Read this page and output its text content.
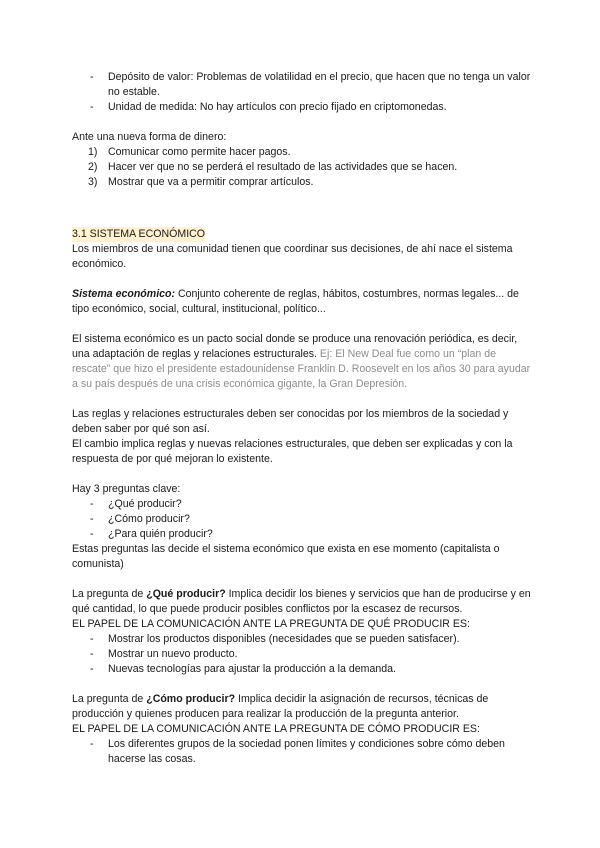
- Depósito de valor: Problemas de volatilidad en el precio, que hacen que no tenga un valor no estable.
- Unidad de medida: No hay artículos con precio fijado en criptomonedas.

Ante una nueva forma de dinero:

1) Comunicar como permite hacer pagos.
2) Hacer ver que no se perderá el resultado de las actividades que se hacen.
3) Mostrar que va a permitir comprar artículos.

3.1 SISTEMA ECONÓMICO

Los miembros de una comunidad tienen que coordinar sus decisiones, de ahí nace el sistema económico.

Sistema económico: Conjunto coherente de reglas, hábitos, costumbres, normas legales... de tipo económico, social, cultural, institucional, político...

El sistema económico es un pacto social donde se produce una renovación periódica, es decir, una adaptación de reglas y relaciones estructurales. Ej: El New Deal fue como un “plan de rescate” que hizo el presidente estadounidense Franklin D. Roosevelt en los años 30 para ayudar a su país después de una crisis económica gigante, la Gran Depresión.

Las reglas y relaciones estructurales deben ser conocidas por los miembros de la sociedad y deben saber por qué son así.

El cambio implica reglas y nuevas relaciones estructurales, que deben ser explicadas y con la respuesta de por qué mejoran lo existente.

Hay 3 preguntas clave:

- ¿Qué producir?
- ¿Cómo producir?
- ¿Para quién producir?

Estas preguntas las decide el sistema económico que exista en ese momento (capitalista o comunista)

La pregunta de ¿Qué producir? Implica decidir los bienes y servicios que han de producirse y en qué cantidad, lo que puede producir posibles conflictos por la escasez de recursos.

EL PAPEL DE LA COMUNICACIÓN ANTE LA PREGUNTA DE QUÉ PRODUCIR ES:

- Mostrar los productos disponibles (necesidades que se pueden satisfacer).
- Mostrar un nuevo producto.
- Nuevas tecnologías para ajustar la producción a la demanda.

La pregunta de ¿Cómo producir? Implica decidir la asignación de recursos, técnicas de producción y quienes producen para realizar la producción de la pregunta anterior.

EL PAPEL DE LA COMUNICACIÓN ANTE LA PREGUNTA DE CÓMO PRODUCIR ES:

- Los diferentes grupos de la sociedad ponen límites y condiciones sobre cómo deben hacerse las cosas.
